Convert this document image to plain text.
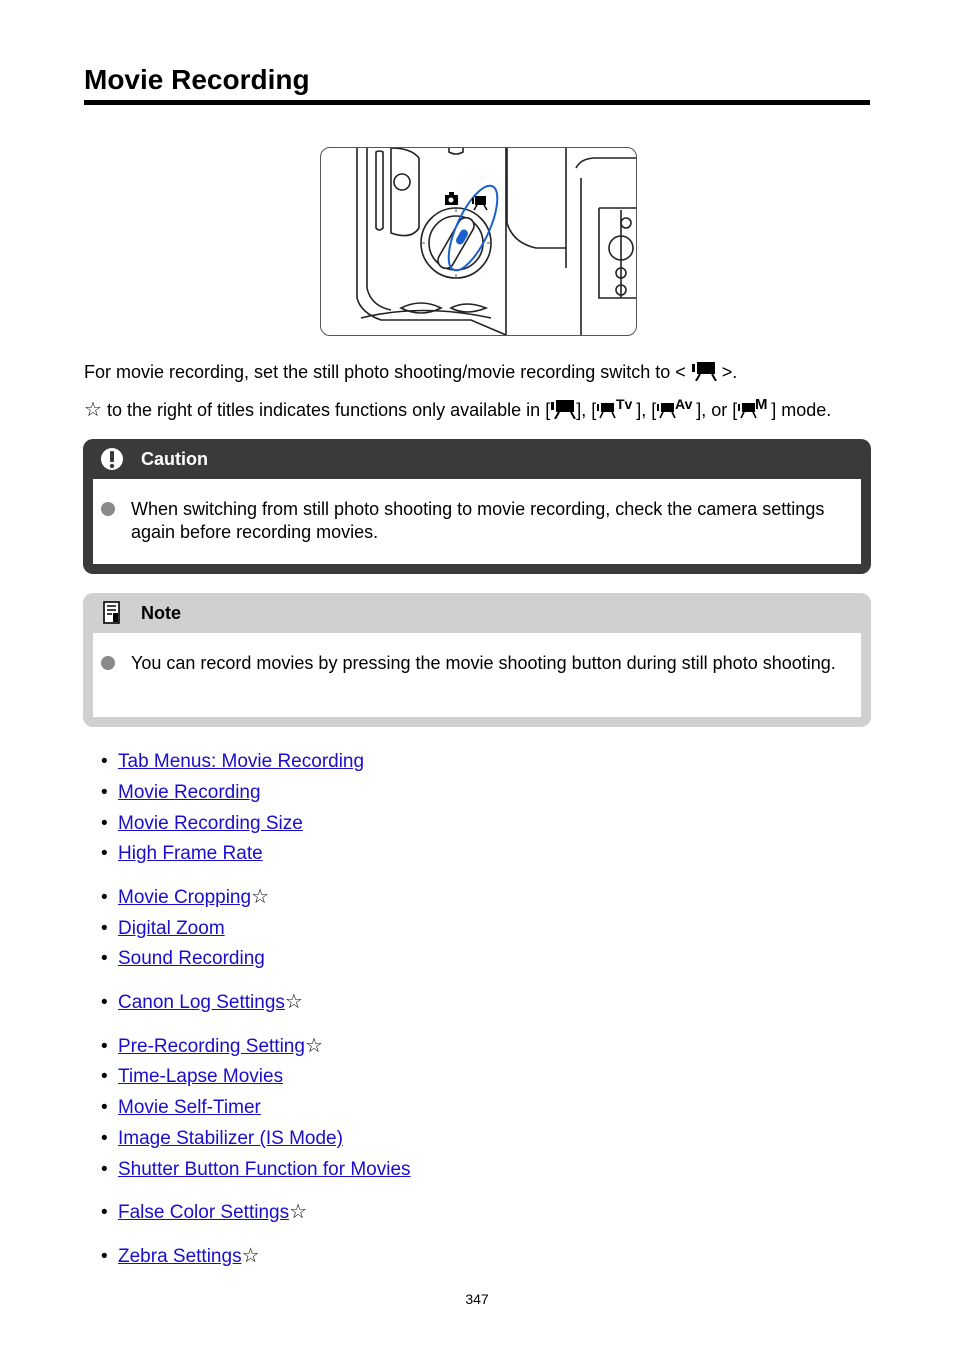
Movie Recording
For movie recording, set the still photo shooting/movie recording switch to <  >.
☆ to the right of titles indicates functions only available in [ ], [ Tv ], [ Av ], or [ M ] mode.
Caution
When switching from still photo shooting to movie recording, check the camera settings again before recording movies.
Note
You can record movies by pressing the movie shooting button during still photo shooting.
• Tab Menus: Movie Recording
• Movie Recording
• Movie Recording Size
• High Frame Rate
• Movie Cropping☆
• Digital Zoom
• Sound Recording
• Canon Log Settings☆
• Pre-Recording Setting☆
• Time-Lapse Movies
• Movie Self-Timer
• Image Stabilizer (IS Mode)
• Shutter Button Function for Movies
• False Color Settings☆
• Zebra Settings☆
347
